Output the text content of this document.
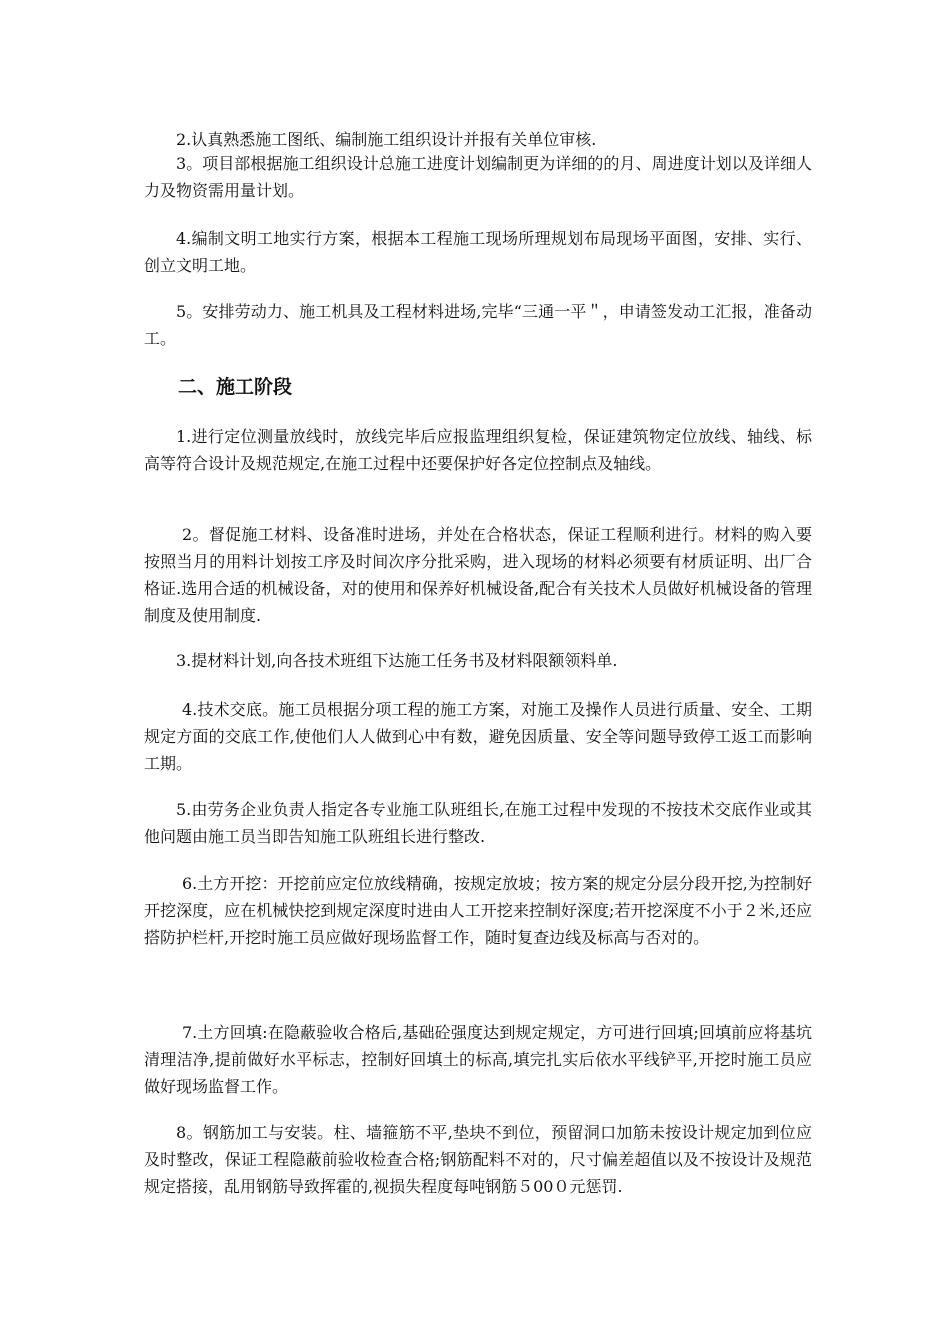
2.认真熟悉施工图纸、编制施工组织设计并报有关单位审核.

3。项目部根据施工组织设计总施工进度计划编制更为详细的的月、周进度计划以及详细人力及物资需用量计划。

4.编制文明工地实行方案，根据本工程施工现场所理规划布局现场平面图，安排、实行、创立文明工地。

5。安排劳动力、施工机具及工程材料进场,完毕“三通一平＂，申请签发动工汇报，准备动工。

二、施工阶段

1.进行定位测量放线时，放线完毕后应报监理组织复检，保证建筑物定位放线、轴线、标高等符合设计及规范规定,在施工过程中还要保护好各定位控制点及轴线。

2。督促施工材料、设备准时进场，并处在合格状态，保证工程顺利进行。材料的购入要按照当月的用料计划按工序及时间次序分批采购，进入现场的材料必须要有材质证明、出厂合格证.选用合适的机械设备，对的使用和保养好机械设备,配合有关技术人员做好机械设备的管理制度及使用制度.

3.提材料计划,向各技术班组下达施工任务书及材料限额领料单.

4.技术交底。施工员根据分项工程的施工方案，对施工及操作人员进行质量、安全、工期规定方面的交底工作,使他们人人做到心中有数，避免因质量、安全等问题导致停工返工而影响工期。

5.由劳务企业负责人指定各专业施工队班组长,在施工过程中发现的不按技术交底作业或其他问题由施工员当即告知施工队班组长进行整改.

6.土方开挖：开挖前应定位放线精确，按规定放坡；按方案的规定分层分段开挖,为控制好开挖深度，应在机械快挖到规定深度时进由人工开挖来控制好深度;若开挖深度不小于２米,还应搭防护栏杆,开挖时施工员应做好现场监督工作，随时复查边线及标高与否对的。

7.土方回填:在隐蔽验收合格后,基础砼强度达到规定规定，方可进行回填;回填前应将基坑清理洁净,提前做好水平标志，控制好回填土的标高,填完扎实后依水平线铲平,开挖时施工员应做好现场监督工作。

8。钢筋加工与安装。柱、墙箍筋不平,垫块不到位，预留洞口加筋未按设计规定加到位应及时整改，保证工程隐蔽前验收检查合格;钢筋配料不对的，尺寸偏差超值以及不按设计及规范规定搭接，乱用钢筋导致挥霍的,视损失程度每吨钢筋５00０元惩罚.
